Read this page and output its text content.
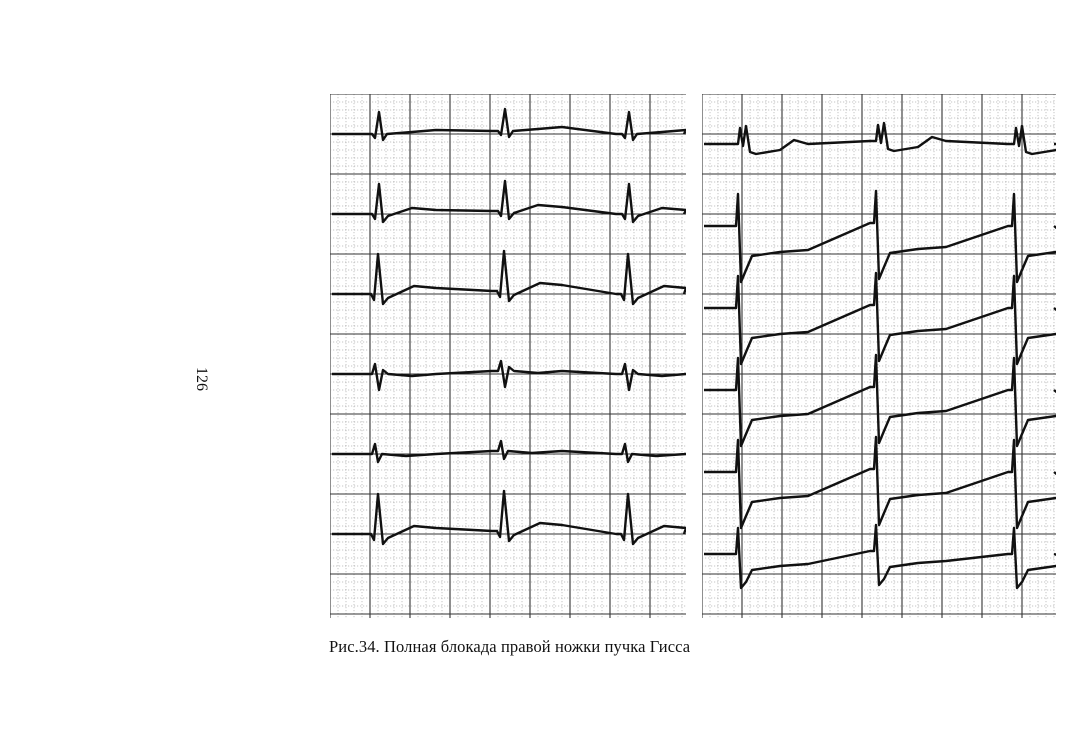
126
Рис.34. Полная блокада правой ножки пучка Гисса
